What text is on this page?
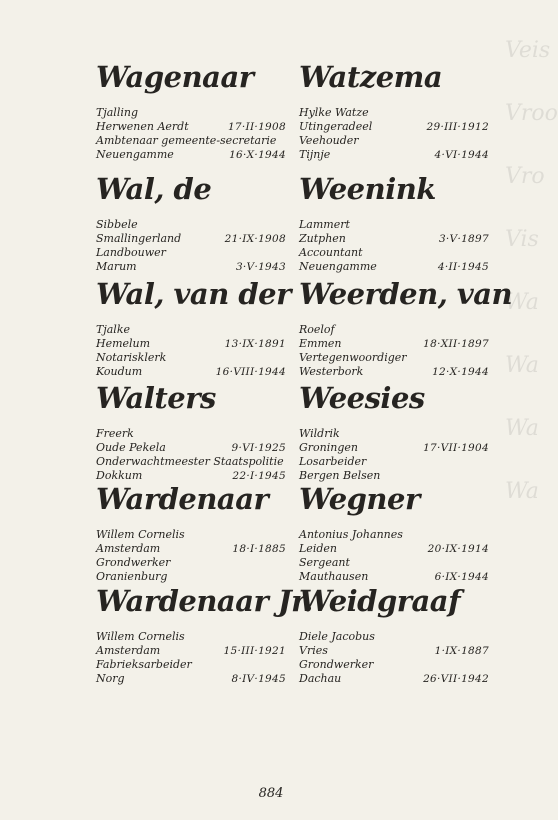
Veis
Vroo
Vro
Vis
Wa
Wa
Wa
Wa
Wagenaar
Tjalling
Herwenen Aerdt	17·II·1908
Ambtenaar gemeente-secretarie
Neuengamme	16·X·1944
Wal, de
Sibbele
Smallingerland	21·IX·1908
Landbouwer
Marum	3·V·1943
Wal, van der
Tjalke
Hemelum	13·IX·1891
Notarisklerk
Koudum	16·VIII·1944
Walters
Freerk
Oude Pekela	9·VI·1925
Onderwachtmeester Staatspolitie
Dokkum	22·I·1945
Wardenaar
Willem Cornelis
Amsterdam	18·I·1885
Grondwerker
Oranienburg
Wardenaar Jr.
Willem Cornelis
Amsterdam	15·III·1921
Fabrieksarbeider
Norg	8·IV·1945
Watzema
Hylke Watze
Utingeradeel	29·III·1912
Veehouder
Tijnje	4·VI·1944
Weenink
Lammert
Zutphen	3·V·1897
Accountant
Neuengamme	4·II·1945
Weerden, van
Roelof
Emmen	18·XII·1897
Vertegenwoordiger
Westerbork	12·X·1944
Weesies
Wildrik
Groningen	17·VII·1904
Losarbeider
Bergen Belsen
Wegner
Antonius Johannes
Leiden	20·IX·1914
Sergeant
Mauthausen	6·IX·1944
Weidgraaf
Diele Jacobus
Vries	1·IX·1887
Grondwerker
Dachau	26·VII·1942
884
